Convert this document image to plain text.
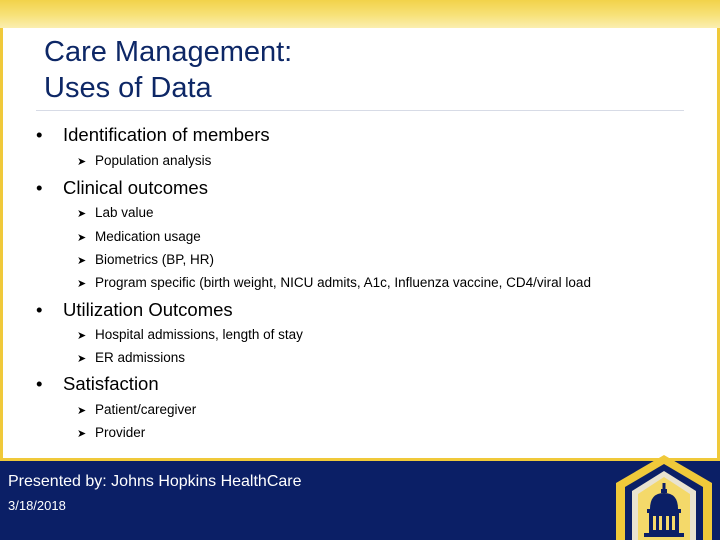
Care Management:
Uses of Data
• Identification of members
➤ Population analysis
• Clinical outcomes
➤ Lab value
➤ Medication usage
➤ Biometrics (BP, HR)
➤ Program specific (birth weight, NICU admits, A1c, Influenza vaccine, CD4/viral load
• Utilization Outcomes
➤ Hospital admissions, length of stay
➤ ER admissions
• Satisfaction
➤ Patient/caregiver
➤ Provider
Presented by: Johns Hopkins HealthCare
3/18/2018
